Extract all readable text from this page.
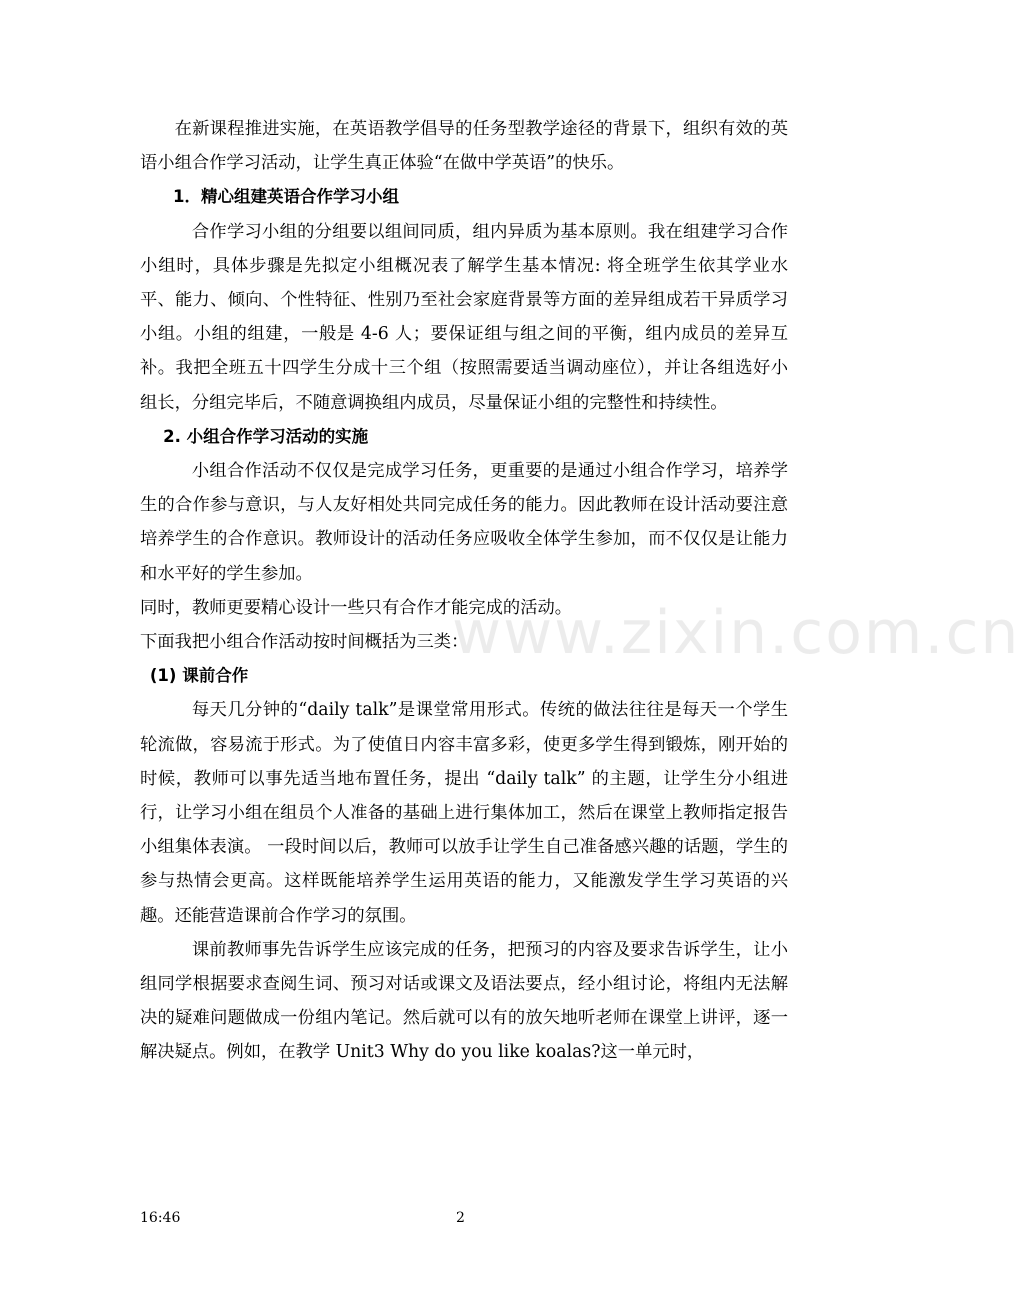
在新课程推进实施，在英语教学倡导的任务型教学途径的背景下，组织有效的英语小组合作学习活动，让学生真正体验“在做中学英语”的快乐。

1．精心组建英语合作学习小组

合作学习小组的分组要以组间同质，组内异质为基本原则。我在组建学习合作小组时，具体步骤是先拟定小组概况表了解学生基本情况: 将全班学生依其学业水平、能力、倾向、个性特征、性别乃至社会家庭背景等方面的差异组成若干异质学习小组。小组的组建，一般是 4-6 人；要保证组与组之间的平衡，组内成员的差异互补。我把全班五十四学生分成十三个组（按照需要适当调动座位），并让各组选好小组长，分组完毕后，不随意调换组内成员，尽量保证小组的完整性和持续性。

2. 小组合作学习活动的实施

小组合作活动不仅仅是完成学习任务，更重要的是通过小组合作学习，培养学生的合作参与意识，与人友好相处共同完成任务的能力。因此教师在设计活动要注意培养学生的合作意识。教师设计的活动任务应吸收全体学生参加，而不仅仅是让能力和水平好的学生参加。

同时，教师更要精心设计一些只有合作才能完成的活动。

下面我把小组合作活动按时间概括为三类：

(1) 课前合作

每天几分钟的“daily talk”是课堂常用形式。传统的做法往往是每天一个学生轮流做，容易流于形式。为了使值日内容丰富多彩，使更多学生得到锻炼，刚开始的时候，教师可以事先适当地布置任务，提出 “daily talk” 的主题，让学生分小组进行，让学习小组在组员个人准备的基础上进行集体加工，然后在课堂上教师指定报告小组集体表演。 一段时间以后，教师可以放手让学生自己准备感兴趣的话题，学生的参与热情会更高。这样既能培养学生运用英语的能力，又能激发学生学习英语的兴趣。还能营造课前合作学习的氛围。

课前教师事先告诉学生应该完成的任务，把预习的内容及要求告诉学生，让小组同学根据要求查阅生词、预习对话或课文及语法要点，经小组讨论，将组内无法解决的疑难问题做成一份组内笔记。然后就可以有的放矢地听老师在课堂上讲评，逐一解决疑点。例如，在教学 Unit3 Why do you like koalas?这一单元时，

www.zixin.com.cn
16:46	2
